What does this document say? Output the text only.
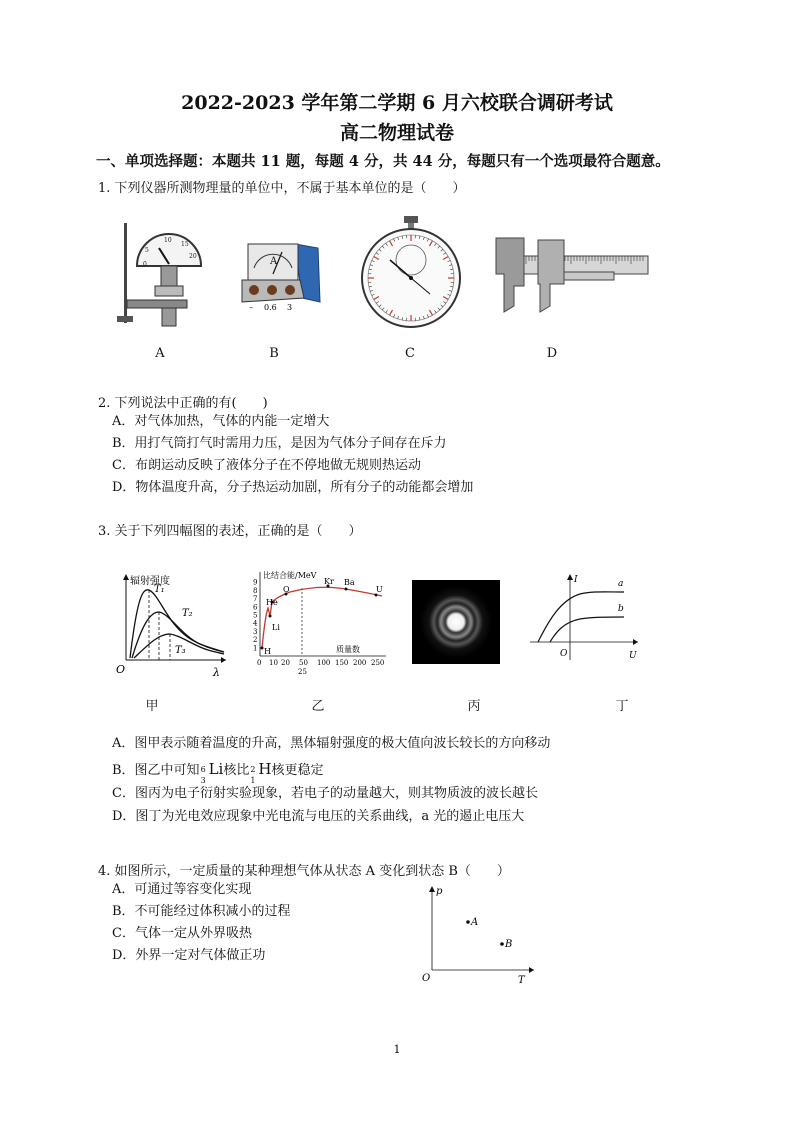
2022-2023 学年第二学期 6 月六校联合调研考试
高二物理试卷
一、单项选择题：本题共 11 题，每题 4 分，共 44 分，每题只有一个选项最符合题意。
1. 下列仪器所测物理量的单位中，不属于基本单位的是（　　）
0
5
10
15
20	A
– 0.6 3
A	B	C	D
2. 下列说法中正确的有(　　)
A．对气体加热，气体的内能一定增大
B．用打气筒打气时需用力压，是因为气体分子间存在斥力
C．布朗运动反映了液体分子在不停地做无规则热运动
D．物体温度升高，分子热运动加剧，所有分子的动能都会增加
3. 关于下列四幅图的表述，正确的是（　　）
辐射强度
λ
O
T₁
T₂
T₃
比结合能/MeV
质量数
1
2
3
4
5
6
7
8
9
0 10 20 50 100 150 200 250
25
He
O
Kr Ba
U
Li
H
I
U
O
a
b
甲	乙	丙	丁
A．图甲表示随着温度的升高，黑体辐射强度的极大值向波长较长的方向移动
B．图乙中可知 6
3
Li核比 2
1
H核更稳定
C．图丙为电子衍射实验现象，若电子的动量越大，则其物质波的波长越长
D．图丁为光电效应现象中光电流与电压的关系曲线，a 光的遏止电压大
4. 如图所示，一定质量的某种理想气体从状态 A 变化到状态 B（　　）
A．可通过等容变化实现
B．不可能经过体积减小的过程
C．气体一定从外界吸热
D．外界一定对气体做正功
p
T
O
A
B
1
